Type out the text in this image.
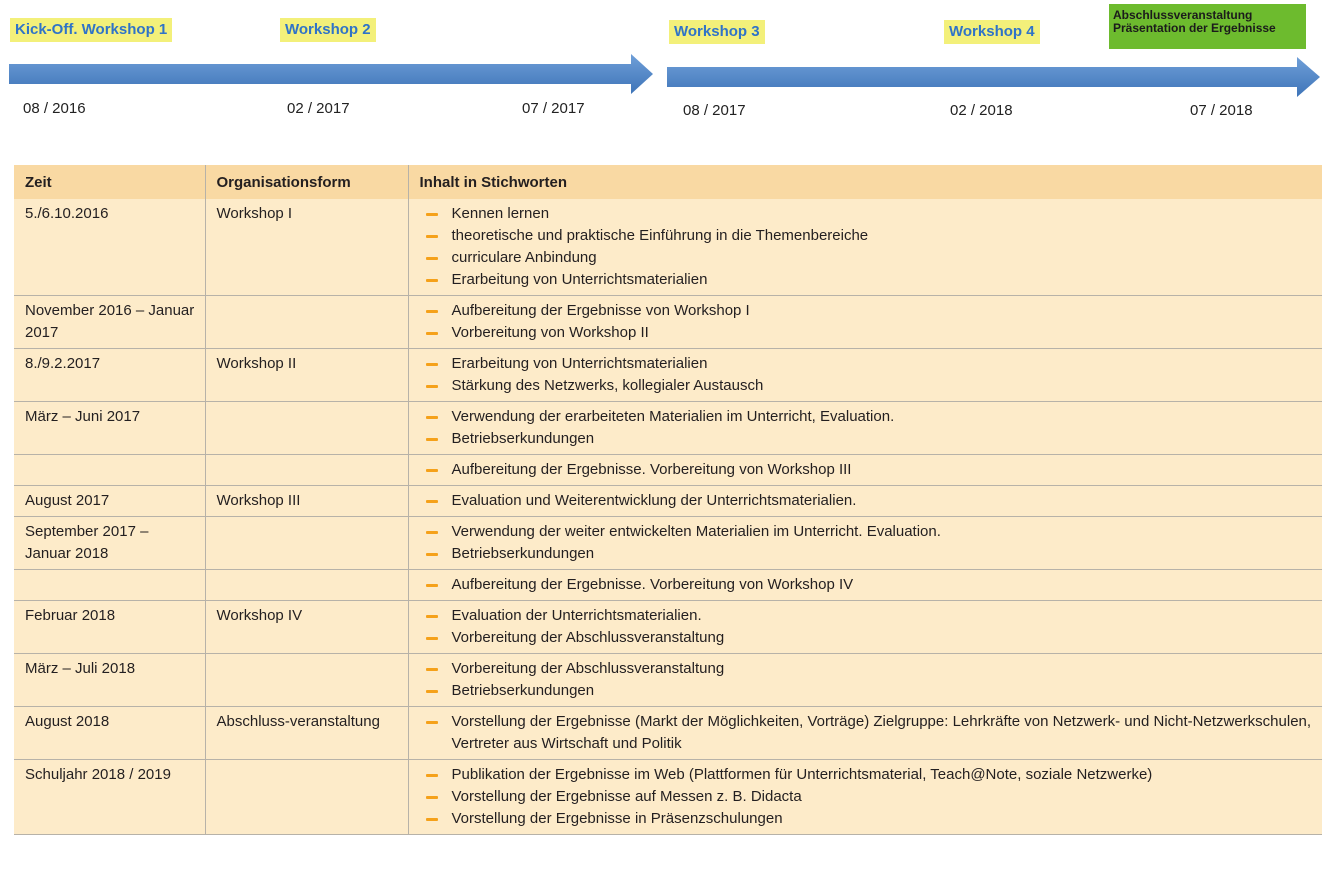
Kick-Off. Workshop 1	Workshop 2	Workshop 3	Workshop 4
Abschlussveranstaltung
Präsentation der Ergebnisse
08 / 2016	02 / 2017	07 / 2017	08 / 2017	02 / 2018	07 / 2018
Zeit	Organisationsform	Inhalt in Stichworten
5./6.10.2016	Workshop I	Kennen lernen
theoretische und praktische Einführung in die Themenbereiche
curriculare Anbindung
Erarbeitung von Unterrichtsmaterialien

November 2016 – Januar 2017		Aufbereitung der Ergebnisse von Workshop I
Vorbereitung von Workshop II

8./9.2.2017	Workshop II	Erarbeitung von Unterrichtsmaterialien
Stärkung des Netzwerks, kollegialer Austausch

März – Juni 2017		Verwendung der erarbeiteten Materialien im Unterricht, Evaluation.
Betriebserkundungen

		Aufbereitung der Ergebnisse. Vorbereitung von Workshop III

August 2017	Workshop III	Evaluation und Weiterentwicklung der Unterrichtsmaterialien.

September 2017 – Januar 2018		Verwendung der weiter entwickelten Materialien im Unterricht. Evaluation.
Betriebserkundungen

		Aufbereitung der Ergebnisse. Vorbereitung von Workshop IV

Februar 2018	Workshop IV	Evaluation der Unterrichtsmaterialien.
Vorbereitung der Abschlussveranstaltung

März – Juli 2018		Vorbereitung der Abschlussveranstaltung
Betriebserkundungen

August 2018	Abschluss-veranstaltung	Vorstellung der Ergebnisse (Markt der Möglichkeiten, Vorträge) Zielgruppe: Lehrkräfte von Netzwerk- und Nicht-Netzwerkschulen, Vertreter aus Wirtschaft und Politik

Schuljahr 2018 / 2019		Publikation der Ergebnisse im Web (Plattformen für Unterrichtsmaterial, Teach@Note, soziale Netzwerke)
Vorstellung der Ergebnisse auf Messen z. B. Didacta
Vorstellung der Ergebnisse in Präsenzschulungen
